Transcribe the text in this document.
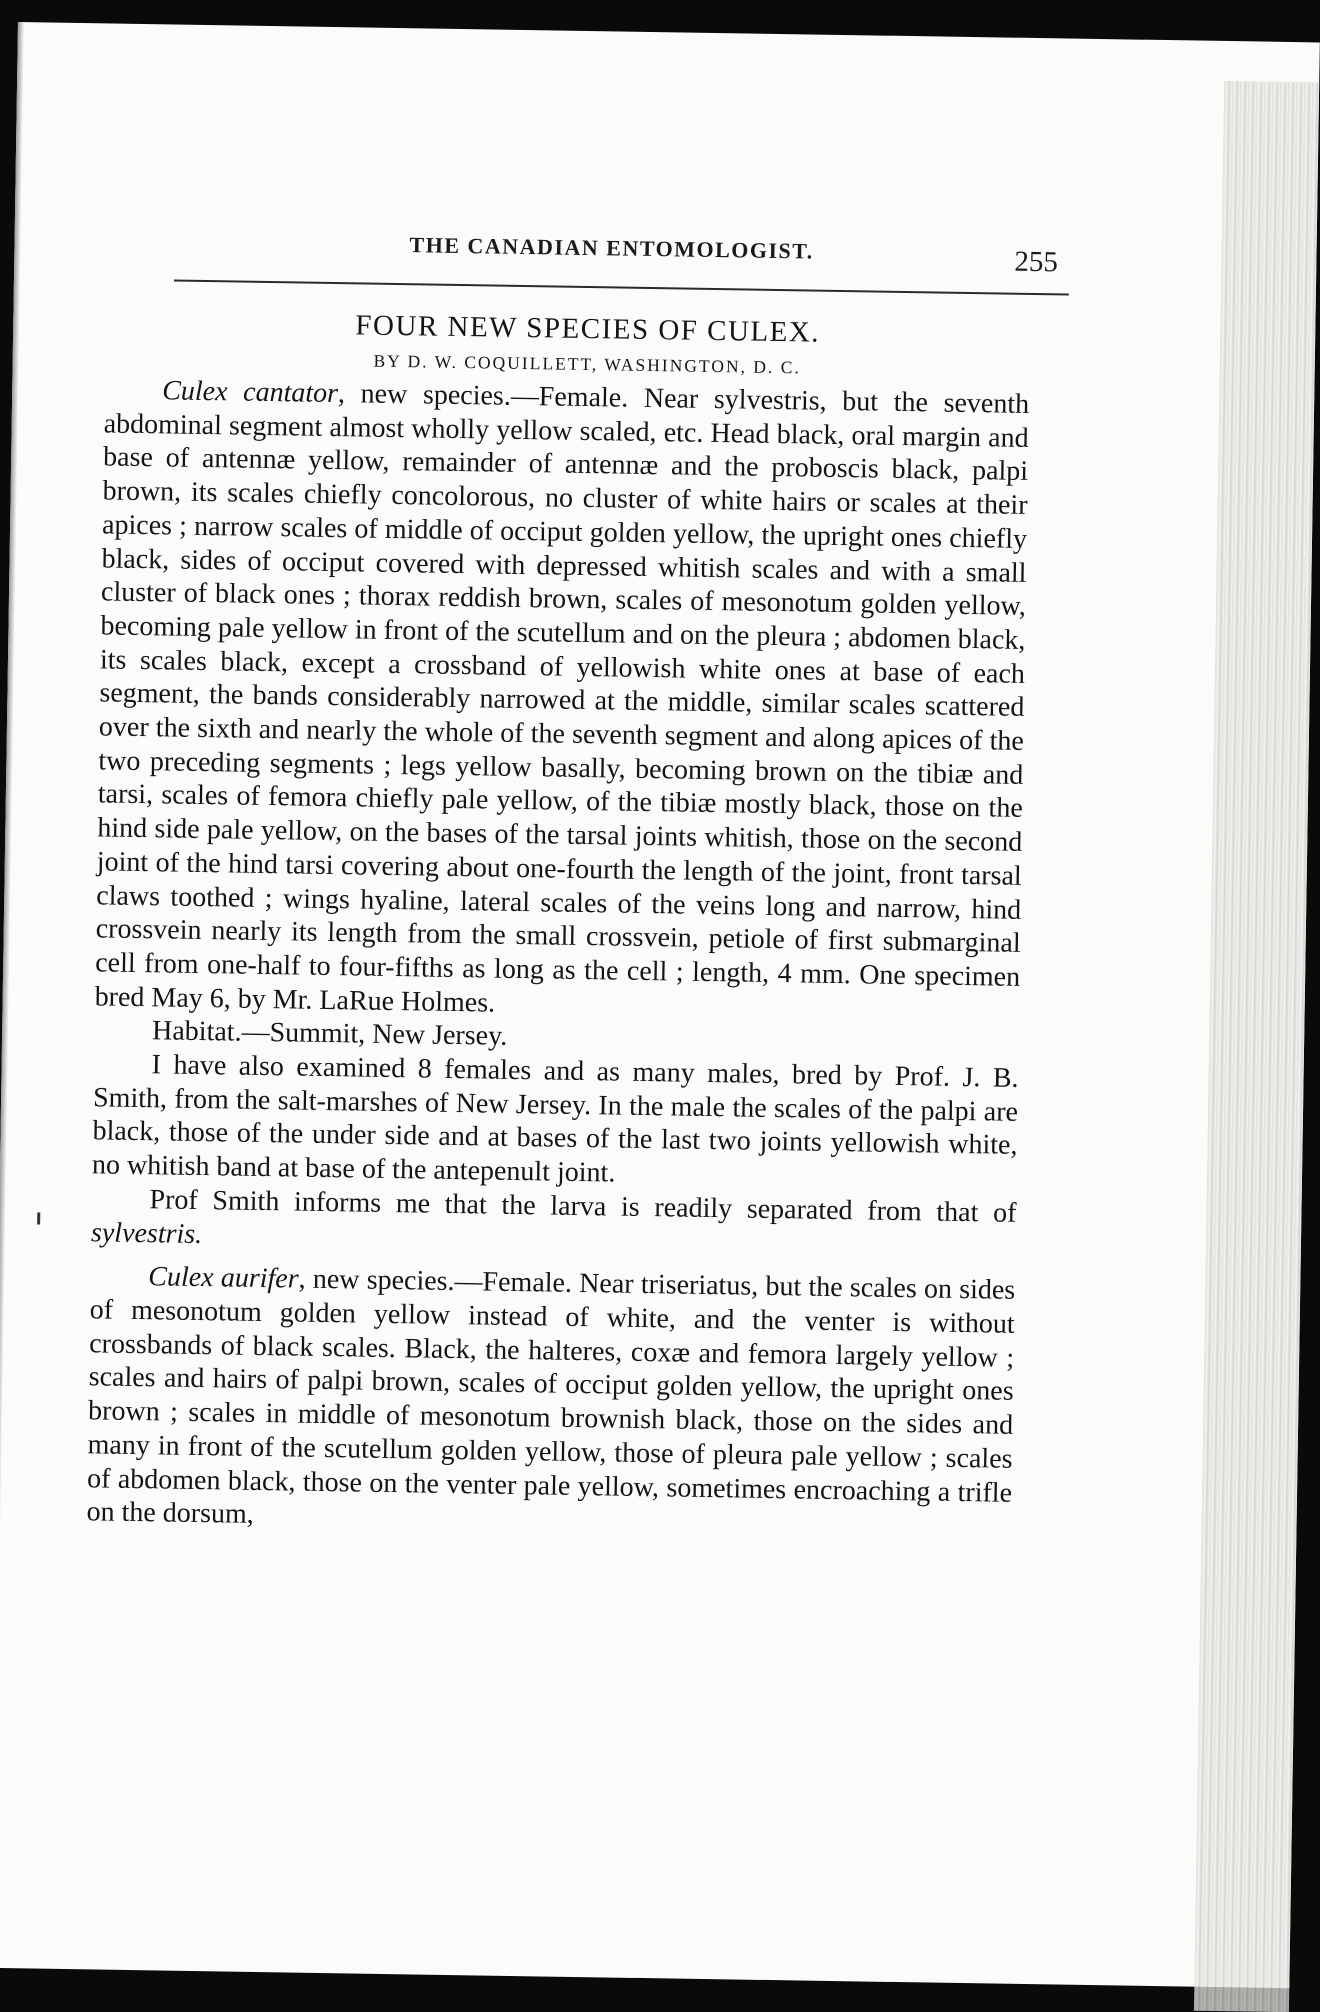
THE CANADIAN ENTOMOLOGIST.	255
FOUR NEW SPECIES OF CULEX.
BY D. W. COQUILLETT, WASHINGTON, D. C.

Culex cantator, new species.—Female. Near sylvestris, but the seventh abdominal segment almost wholly yellow scaled, etc. Head black, oral margin and base of antennæ yellow, remainder of antennæ and the proboscis black, palpi brown, its scales chiefly concolorous, no cluster of white hairs or scales at their apices ; narrow scales of middle of occiput golden yellow, the upright ones chiefly black, sides of occiput covered with depressed whitish scales and with a small cluster of black ones ; thorax reddish brown, scales of mesonotum golden yellow, becoming pale yellow in front of the scutellum and on the pleura ; abdomen black, its scales black, except a crossband of yellowish white ones at base of each segment, the bands considerably narrowed at the middle, similar scales scattered over the sixth and nearly the whole of the seventh segment and along apices of the two preceding segments ; legs yellow basally, becoming brown on the tibiæ and tarsi, scales of femora chiefly pale yellow, of the tibiæ mostly black, those on the hind side pale yellow, on the bases of the tarsal joints whitish, those on the second joint of the hind tarsi covering about one-fourth the length of the joint, front tarsal claws toothed ; wings hyaline, lateral scales of the veins long and narrow, hind crossvein nearly its length from the small crossvein, petiole of first submarginal cell from one-half to four-fifths as long as the cell ; length, 4 mm. One specimen bred May 6, by Mr. LaRue Holmes.

Habitat.—Summit, New Jersey.

I have also examined 8 females and as many males, bred by Prof. J. B. Smith, from the salt-marshes of New Jersey. In the male the scales of the palpi are black, those of the under side and at bases of the last two joints yellowish white, no whitish band at base of the antepenult joint.

Prof Smith informs me that the larva is readily separated from that of sylvestris.

Culex aurifer, new species.—Female. Near triseriatus, but the scales on sides of mesonotum golden yellow instead of white, and the venter is without crossbands of black scales. Black, the halteres, coxæ and femora largely yellow ; scales and hairs of palpi brown, scales of occiput golden yellow, the upright ones brown ; scales in middle of mesonotum brownish black, those on the sides and many in front of the scutellum golden yellow, those of pleura pale yellow ; scales of abdomen black, those on the venter pale yellow, sometimes encroaching a trifle on the dorsum,
